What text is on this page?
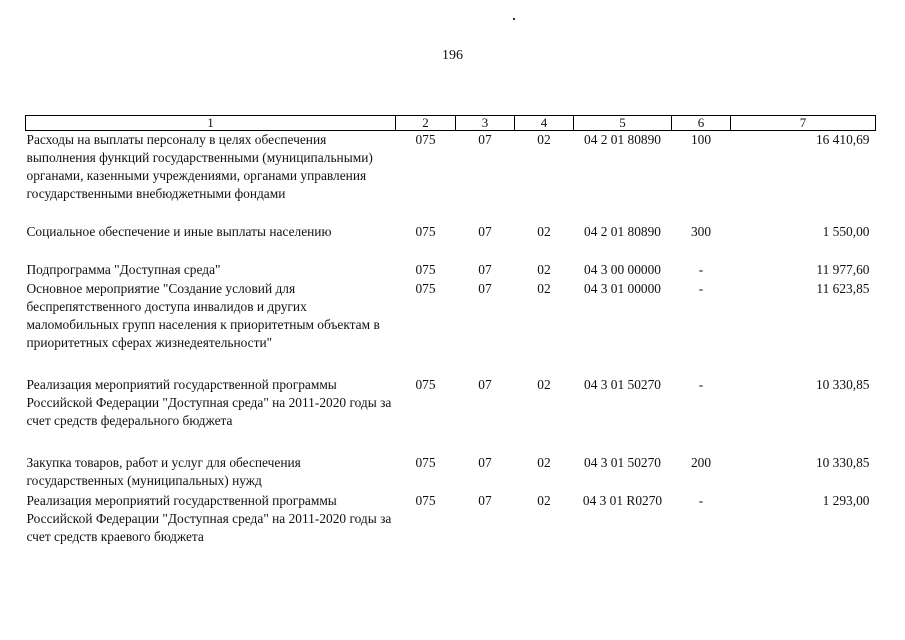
196
1	2	3	4	5	6	7
Расходы на выплаты персоналу в целях обеспечения выполнения функций государственными (муниципальными) органами, казенными учреждениями, органами управления государственными внебюджетными фондами	075	07	02	04 2 01 80890	100	16 410,69
Социальное обеспечение и иные выплаты населению	075	07	02	04 2 01 80890	300	1 550,00
Подпрограмма "Доступная среда"	075	07	02	04 3 00 00000	-	11 977,60
Основное мероприятие "Создание условий для беспрепятственного доступа инвалидов и других маломобильных групп населения к приоритетным объектам в приоритетных сферах жизнедеятельности"	075	07	02	04 3 01 00000	-	11 623,85
Реализация мероприятий государственной программы Российской Федерации "Доступная среда" на 2011-2020 годы за счет средств федерального бюджета	075	07	02	04 3 01 50270	-	10 330,85
Закупка товаров, работ и услуг для обеспечения государственных (муниципальных) нужд	075	07	02	04 3 01 50270	200	10 330,85
Реализация мероприятий государственной программы Российской Федерации "Доступная среда" на 2011-2020 годы за счет средств краевого бюджета	075	07	02	04 3 01 R0270	-	1 293,00
